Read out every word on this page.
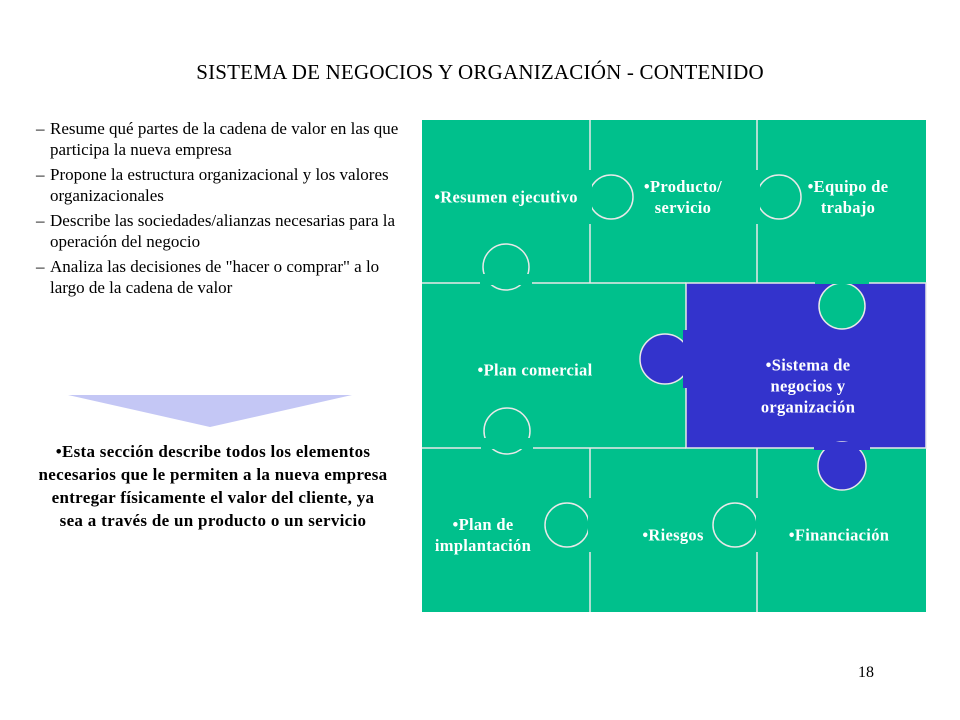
SISTEMA DE NEGOCIOS Y ORGANIZACIÓN - CONTENIDO
– Resume qué partes de la cadena de valor en las que participa la nueva empresa
– Propone la estructura organizacional y los valores organizacionales
– Describe las sociedades/alianzas necesarias para la operación del negocio
– Analiza las decisiones de "hacer o comprar" a lo largo de la cadena de valor
•Esta sección describe todos los elementos necesarios que le permiten a la nueva empresa entregar físicamente el valor del cliente, ya sea a través de un producto o un servicio
•Resumen ejecutivo
•Producto/ servicio
•Equipo de trabajo
•Plan comercial	•Sistema de negocios y organización
•Plan de implantación
•Riesgos	•Financiación
18
